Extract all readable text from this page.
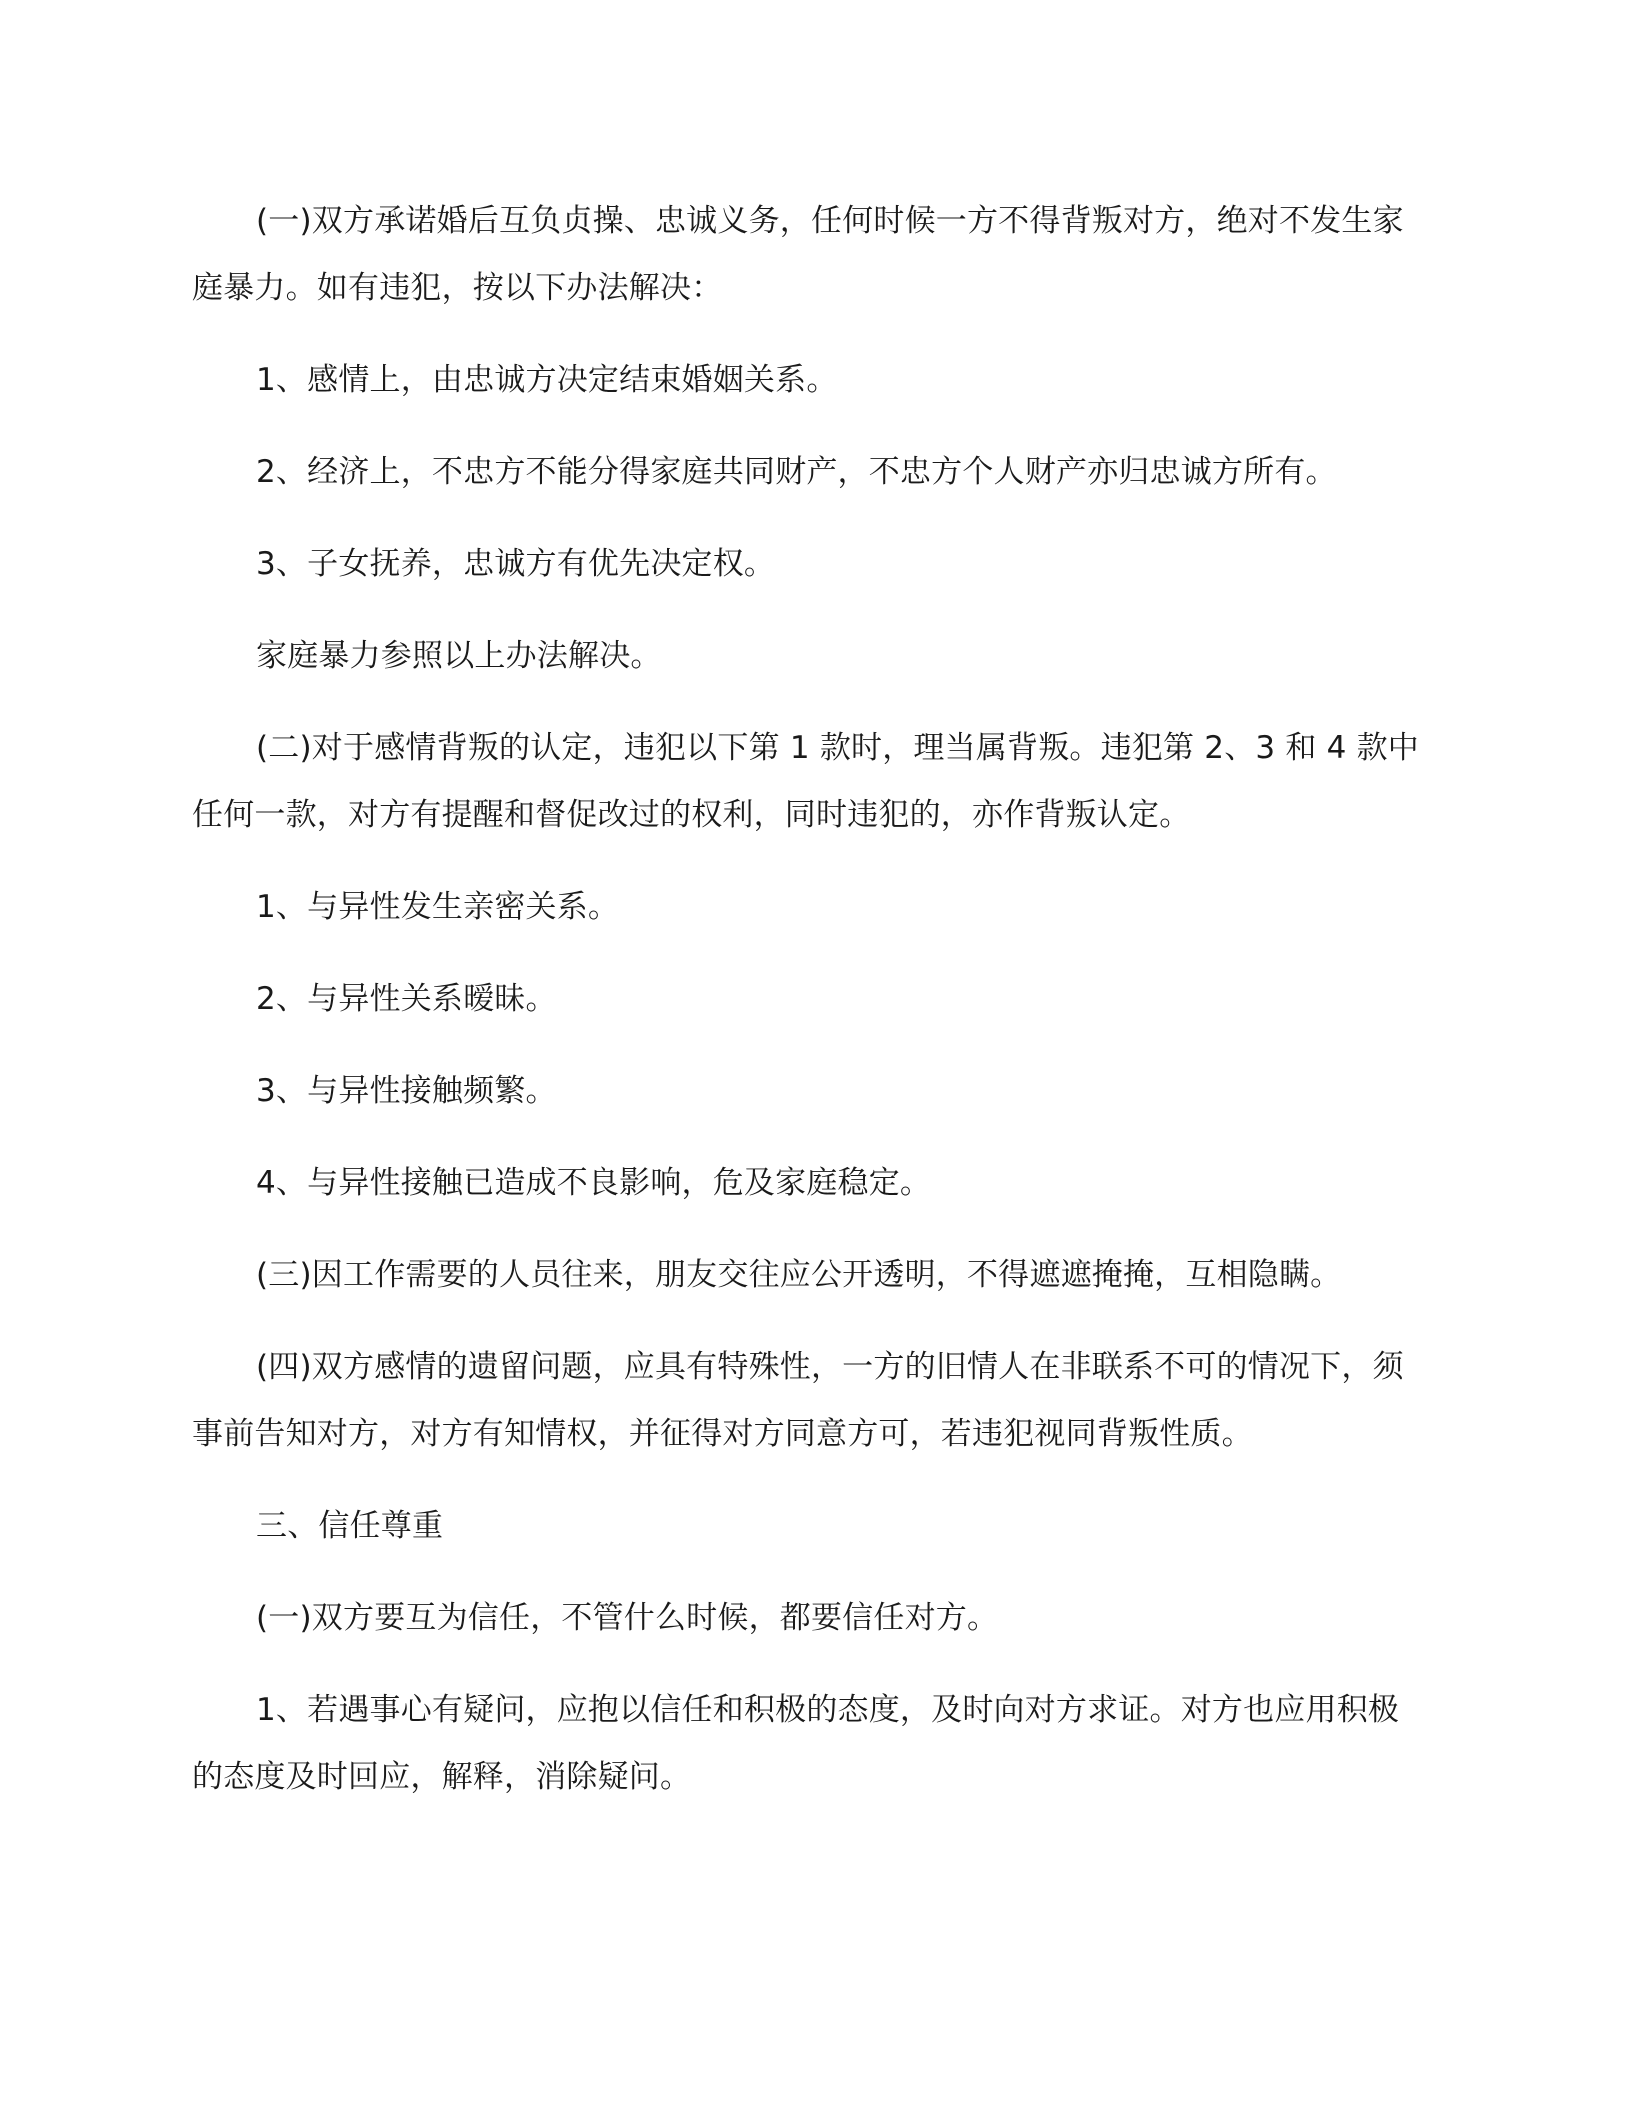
(一)双方承诺婚后互负贞操、忠诚义务，任何时候一方不得背叛对方，绝对不发生家庭暴力。如有违犯，按以下办法解决：

1、感情上，由忠诚方决定结束婚姻关系。

2、经济上，不忠方不能分得家庭共同财产，不忠方个人财产亦归忠诚方所有。

3、子女抚养，忠诚方有优先决定权。

家庭暴力参照以上办法解决。

(二)对于感情背叛的认定，违犯以下第 1 款时，理当属背叛。违犯第 2、3 和 4 款中任何一款，对方有提醒和督促改过的权利，同时违犯的，亦作背叛认定。

1、与异性发生亲密关系。

2、与异性关系暧昧。

3、与异性接触频繁。

4、与异性接触已造成不良影响，危及家庭稳定。

(三)因工作需要的人员往来，朋友交往应公开透明，不得遮遮掩掩，互相隐瞒。

(四)双方感情的遗留问题，应具有特殊性，一方的旧情人在非联系不可的情况下，须事前告知对方，对方有知情权，并征得对方同意方可，若违犯视同背叛性质。

三、信任尊重

(一)双方要互为信任，不管什么时候，都要信任对方。

1、若遇事心有疑问，应抱以信任和积极的态度，及时向对方求证。对方也应用积极的态度及时回应，解释，消除疑问。
